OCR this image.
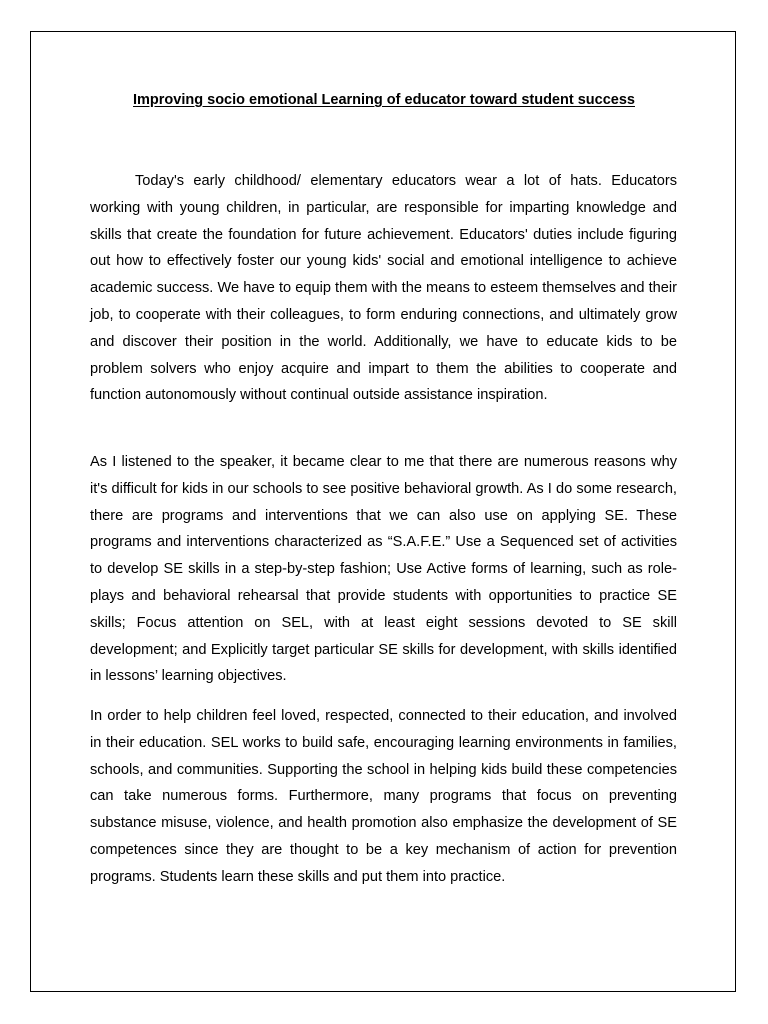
Improving socio emotional Learning of educator toward student success

Today's early childhood/ elementary educators wear a lot of hats. Educators working with young children, in particular, are responsible for imparting knowledge and skills that create the foundation for future achievement. Educators' duties include figuring out how to effectively foster our young kids' social and emotional intelligence to achieve academic success. We have to equip them with the means to esteem themselves and their job, to cooperate with their colleagues, to form enduring connections, and ultimately grow and discover their position in the world. Additionally, we have to educate kids to be problem solvers who enjoy acquire and impart to them the abilities to cooperate and function autonomously without continual outside assistance inspiration.

As I listened to the speaker, it became clear to me that there are numerous reasons why it's difficult for kids in our schools to see positive behavioral growth. As I do some research, there are programs and interventions that we can also use on applying SE. These programs and interventions characterized as “S.A.F.E.” Use a Sequenced set of activities to develop SE skills in a step-by-step fashion; Use Active forms of learning, such as role-plays and behavioral rehearsal that provide students with opportunities to practice SE skills; Focus attention on SEL, with at least eight sessions devoted to SE skill development; and Explicitly target particular SE skills for development, with skills identified in lessons’ learning objectives.

In order to help children feel loved, respected, connected to their education, and involved in their education. SEL works to build safe, encouraging learning environments in families, schools, and communities. Supporting the school in helping kids build these competencies can take numerous forms. Furthermore, many programs that focus on preventing substance misuse, violence, and health promotion also emphasize the development of SE competences since they are thought to be a key mechanism of action for prevention programs. Students learn these skills and put them into practice.
